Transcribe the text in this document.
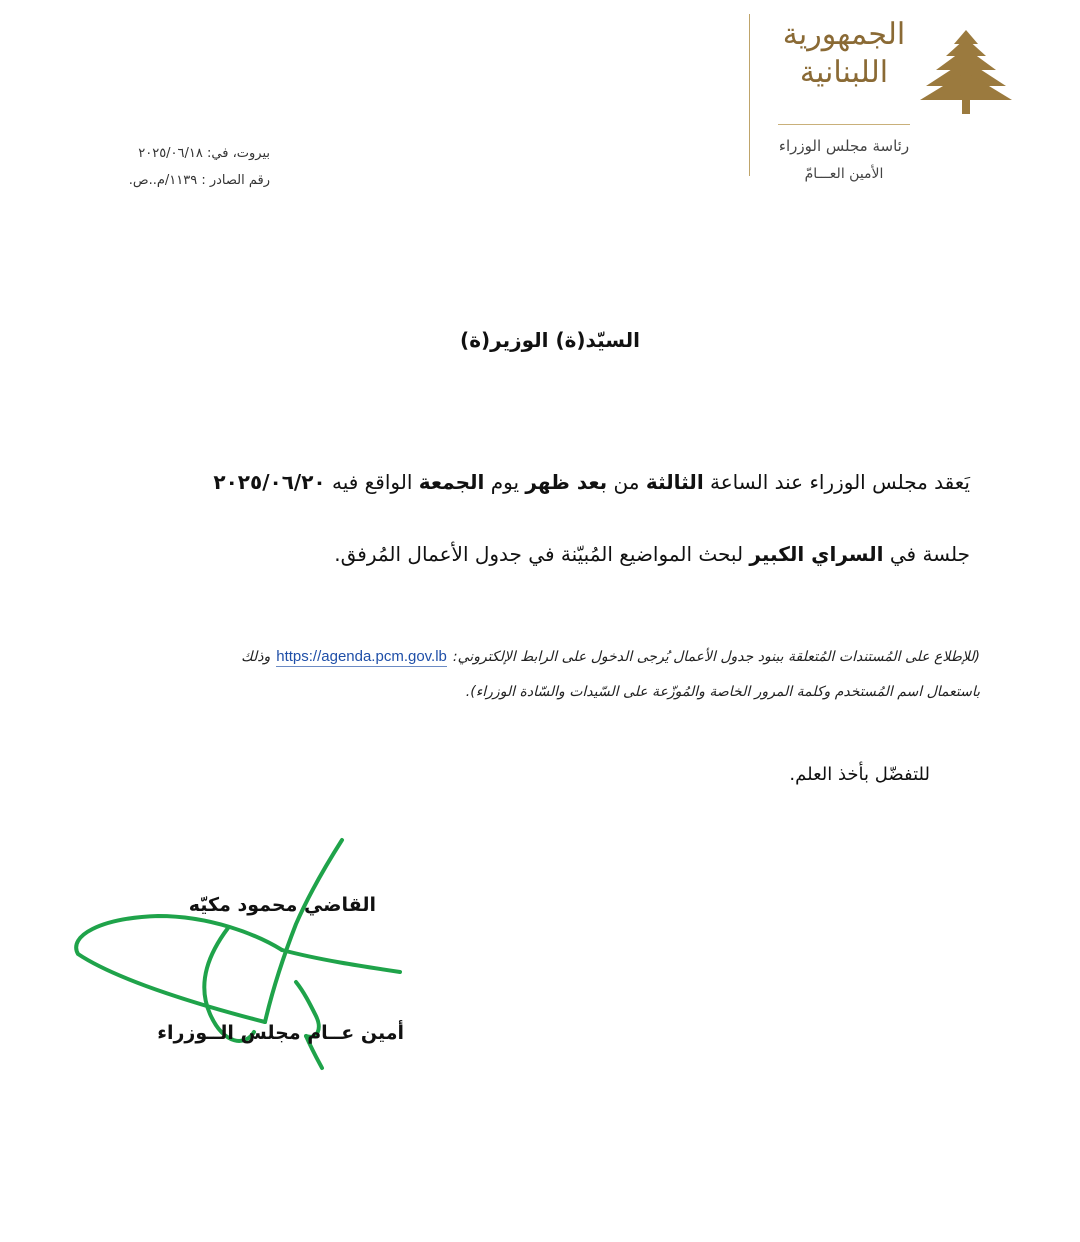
الجمهورية
اللبنانية
رئاسة مجلس الوزراء
الأمين العـــامّ
بيروت، في: ٢٠٢٥/٠٦/١٨
رقم الصادر : ١١٣٩/م..ص.
السيّد(ة) الوزير(ة)
يَعقد مجلس الوزراء عند الساعة الثالثة من بعد ظهر يوم الجمعة الواقع فيه ٢٠٢٥/٠٦/٢٠
جلسة في السراي الكبير لبحث المواضيع المُبيّنة في جدول الأعمال المُرفق.
(للإطلاع على المُستندات المُتعلقة ببنود جدول الأعمال يُرجى الدخول على الرابط الإلكتروني:https://agenda.pcm.gov.lbوذلك
باستعمال اسم المُستخدم وكلمة المرور الخاصة والمُوزّعة على السّيدات والسّادة الوزراء).
للتفضّل بأخذ العلم.
القاضي محمود مكيّه
أمين عــام مجلس الــوزراء
